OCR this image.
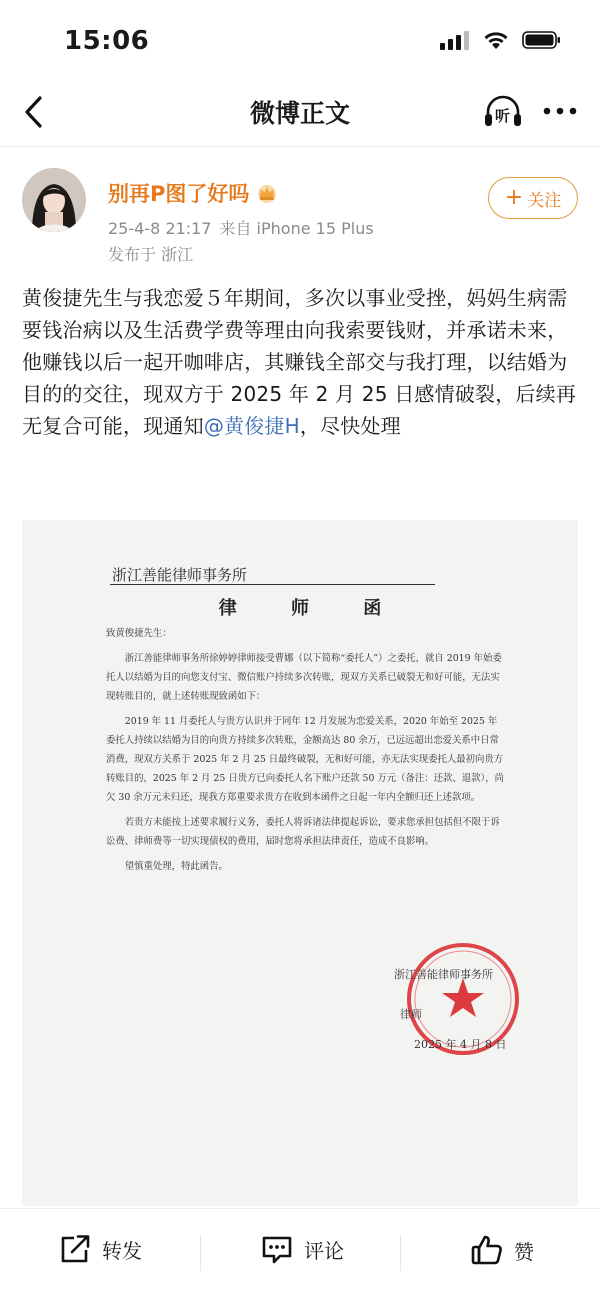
15:06
微博正文	听
别再P图了好吗
25-4-8 21:17 来自 iPhone 15 Plus
发布于 浙江
+ 关注
黄俊捷先生与我恋爱５年期间，多次以事业受挫，妈妈生病需要钱治病以及生活费学费等理由向我索要钱财，并承诺未来，他赚钱以后一起开咖啡店，其赚钱全部交与我打理，以结婚为目的的交往，现双方于 2025 年 2 月 25 日感情破裂，后续再无复合可能，现通知@黄俊捷H，尽快处理
浙江善能律师事务所
律 师 函

致黄俊捷先生：

浙江善能律师事务所徐婷婷律师接受曹娜（以下简称“委托人”）之委托，就自 2019 年始委托人以结婚为目的向您支付宝、微信账户持续多次转账，现双方关系已破裂无和好可能，无法实现转账目的，就上述转账现致函如下：

2019 年 11 月委托人与贵方认识并于同年 12 月发展为恋爱关系，2020 年始至 2025 年委托人持续以结婚为目的向贵方持续多次转账，金额高达 80 余万，已远远超出恋爱关系中日常消费，现双方关系于 2025 年 2 月 25 日最终破裂，无和好可能，亦无法实现委托人最初向贵方转账目的，2025 年 2 月 25 日贵方已向委托人名下账户还款 50 万元（备注：还款、退款），尚欠 30 余万元未归还，现我方郑重要求贵方在收到本函件之日起一年内全额归还上述款项。

若贵方未能按上述要求履行义务，委托人将诉诸法律提起诉讼，要求您承担包括但不限于诉讼费、律师费等一切实现债权的费用，届时您将承担法律责任，造成不良影响。

望慎重处理，特此函告。

浙江善能律师事务所
律师
2025 年 4 月 8 日
转发	评论	赞
